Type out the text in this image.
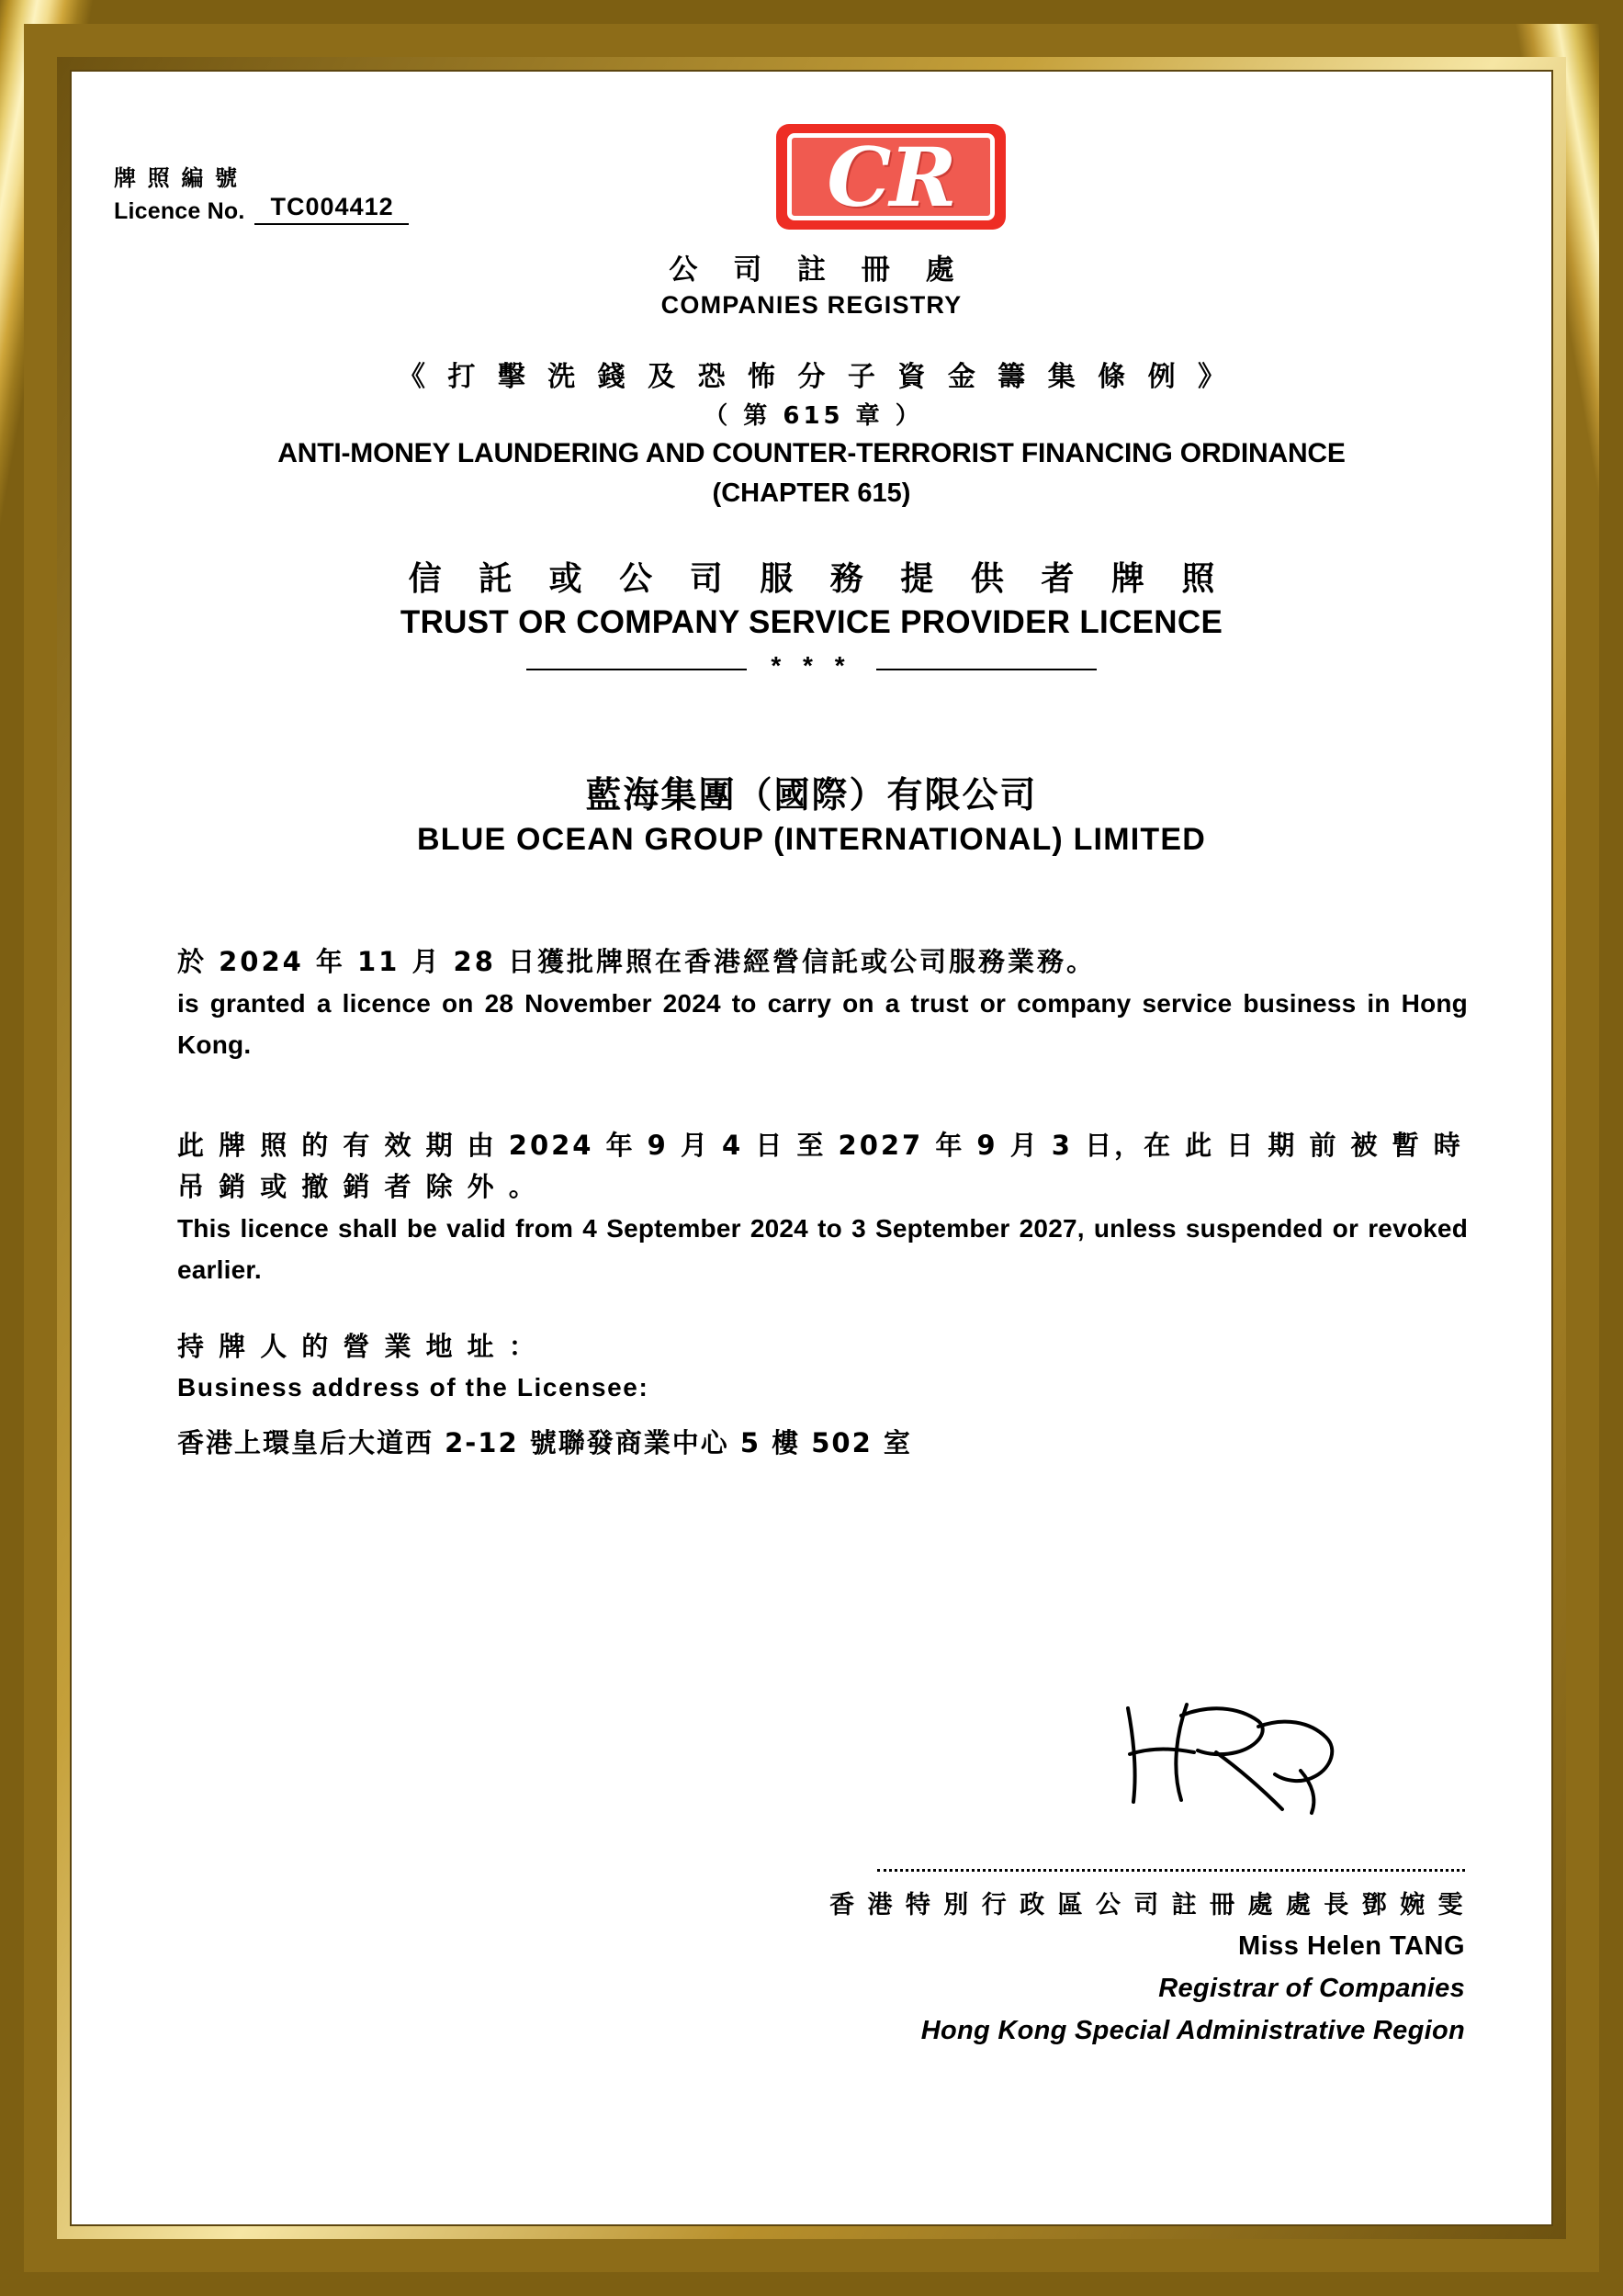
牌 照 編 號
Licence No.	TC004412	CR
公 司 註 冊 處
COMPANIES REGISTRY
《 打 擊 洗 錢 及 恐 怖 分 子 資 金 籌 集 條 例 》
（ 第 615 章 ）
ANTI-MONEY LAUNDERING AND COUNTER-TERRORIST FINANCING ORDINANCE
(CHAPTER 615)
信 託 或 公 司 服 務 提 供 者 牌 照
TRUST OR COMPANY SERVICE PROVIDER LICENCE
* * *
藍海集團（國際）有限公司
BLUE OCEAN GROUP (INTERNATIONAL) LIMITED
於 2024 年 11 月 28 日獲批牌照在香港經營信託或公司服務業務。
is granted a licence on 28 November 2024 to carry on a trust or company service business in Hong Kong.
此 牌 照 的 有 效 期 由 2024 年 9 月 4 日 至 2027 年 9 月 3 日，在 此 日 期 前 被 暫 時 吊 銷 或 撤 銷 者 除 外 。
This licence shall be valid from 4 September 2024 to 3 September 2027, unless suspended or revoked earlier.
持 牌 人 的 營 業 地 址 ：
Business address of the Licensee:
香港上環皇后大道西 2-12 號聯發商業中心 5 樓 502 室
香 港 特 別 行 政 區 公 司 註 冊 處 處 長 鄧 婉 雯
Miss Helen TANG
Registrar of Companies
Hong Kong Special Administrative Region
